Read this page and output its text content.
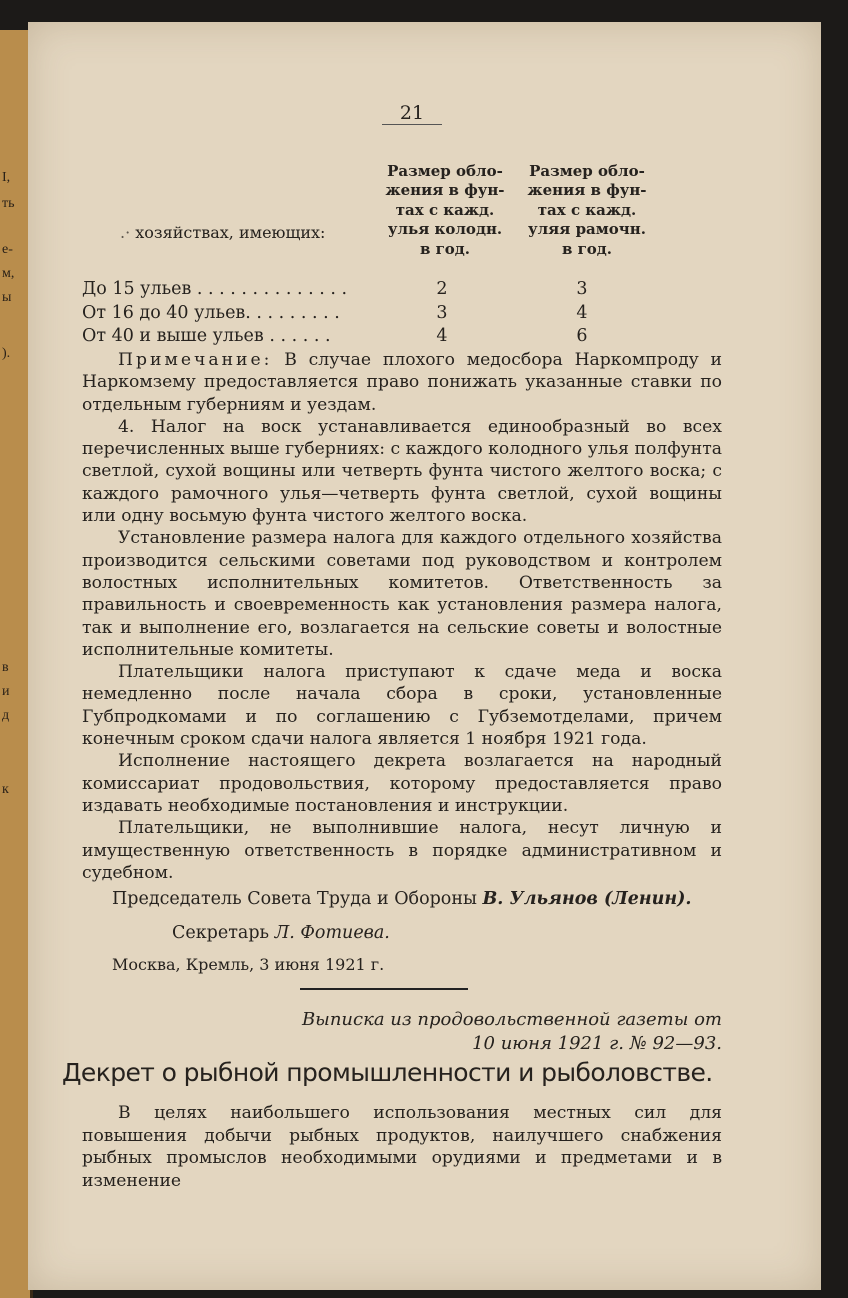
I,
ть
е-
м,
ы
).
в
и
д
к
21
.· хозяйствах, имеющих:
Размер обло-
жения в фун-
тах с кажд.
улья колодн.
в год.
Размер обло-
жения в фун-
тах с кажд.
уляя рамочн.
в год.
До 15 ульев . . . . . . . . . . . . . .	2	3
От 16 до 40 ульев. . . . . . . . .	3	4
От 40 и выше ульев . . . . . .	4	6

Примечание: В случае плохого медосбора Наркомпроду и Наркомзему предоставляется право понижать указанные ставки по отдельным губерниям и уездам.

4. Налог на воск устанавливается единообразный во всех перечисленных выше губерниях: с каждого колодного улья полфунта светлой, сухой вощины или четверть фунта чистого желтого воска; с каждого рамочного улья—четверть фунта светлой, сухой вощины или одну восьмую фунта чистого желтого воска.

Установление размера налога для каждого отдельного хозяйства производится сельскими советами под руководством и контролем волостных исполнительных комитетов. Ответственность за правильность и своевременность как установления размера налога, так и выполнение его, возлагается на сельские советы и волостные исполнительные комитеты.

Плательщики налога приступают к сдаче меда и воска немедленно после начала сбора в сроки, установленные Губпродкомами и по соглашению с Губземотделами, причем конечным сроком сдачи налога является 1 ноября 1921 года.

Исполнение настоящего декрета возлагается на народный комиссариат продовольствия, которому предоставляется право издавать необходимые постановления и инструкции.

Плательщики, не выполнившие налога, несут личную и имущественную ответственность в порядке административном и судебном.

Председатель Совета Труда и Обороны В. Ульянов (Ленин).
Секретарь Л. Фотиева.
Москва, Кремль, 3 июня 1921 г.
Выписка из продовольственной газеты от
10 июня 1921 г. № 92—93.
Декрет о рыбной промышленности и рыболовстве.

В целях наибольшего использования местных сил для повышения добычи рыбных продуктов, наилучшего снабжения рыбных промыслов необходимыми орудиями и предметами и в изменение
